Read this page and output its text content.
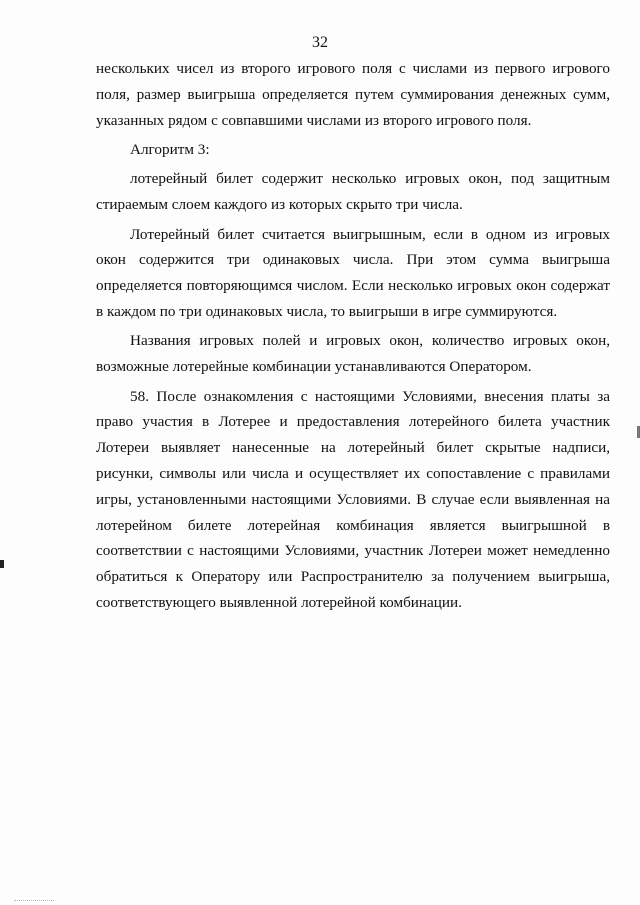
32

нескольких чисел из второго игрового поля с числами из первого игрового поля, размер выигрыша определяется путем суммирования денежных сумм, указанных рядом с совпавшими числами из второго игрового поля.

Алгоритм 3:

лотерейный билет содержит несколько игровых окон, под защитным стираемым слоем каждого из которых скрыто три числа.

Лотерейный билет считается выигрышным, если в одном из игровых окон содержится три одинаковых числа. При этом сумма выигрыша определяется повторяющимся числом. Если несколько игровых окон содержат в каждом по три одинаковых числа, то выигрыши в игре суммируются.

Названия игровых полей и игровых окон, количество игровых окон, возможные лотерейные комбинации устанавливаются Оператором.

58. После ознакомления с настоящими Условиями, внесения платы за право участия в Лотерее и предоставления лотерейного билета участник Лотереи выявляет нанесенные на лотерейный билет скрытые надписи, рисунки, символы или числа и осуществляет их сопоставление с правилами игры, установленными настоящими Условиями. В случае если выявленная на лотерейном билете лотерейная комбинация является выигрышной в соответствии с настоящими Условиями, участник Лотереи может немедленно обратиться к Оператору или Распространителю за получением выигрыша, соответствующего выявленной лотерейной комбинации.
